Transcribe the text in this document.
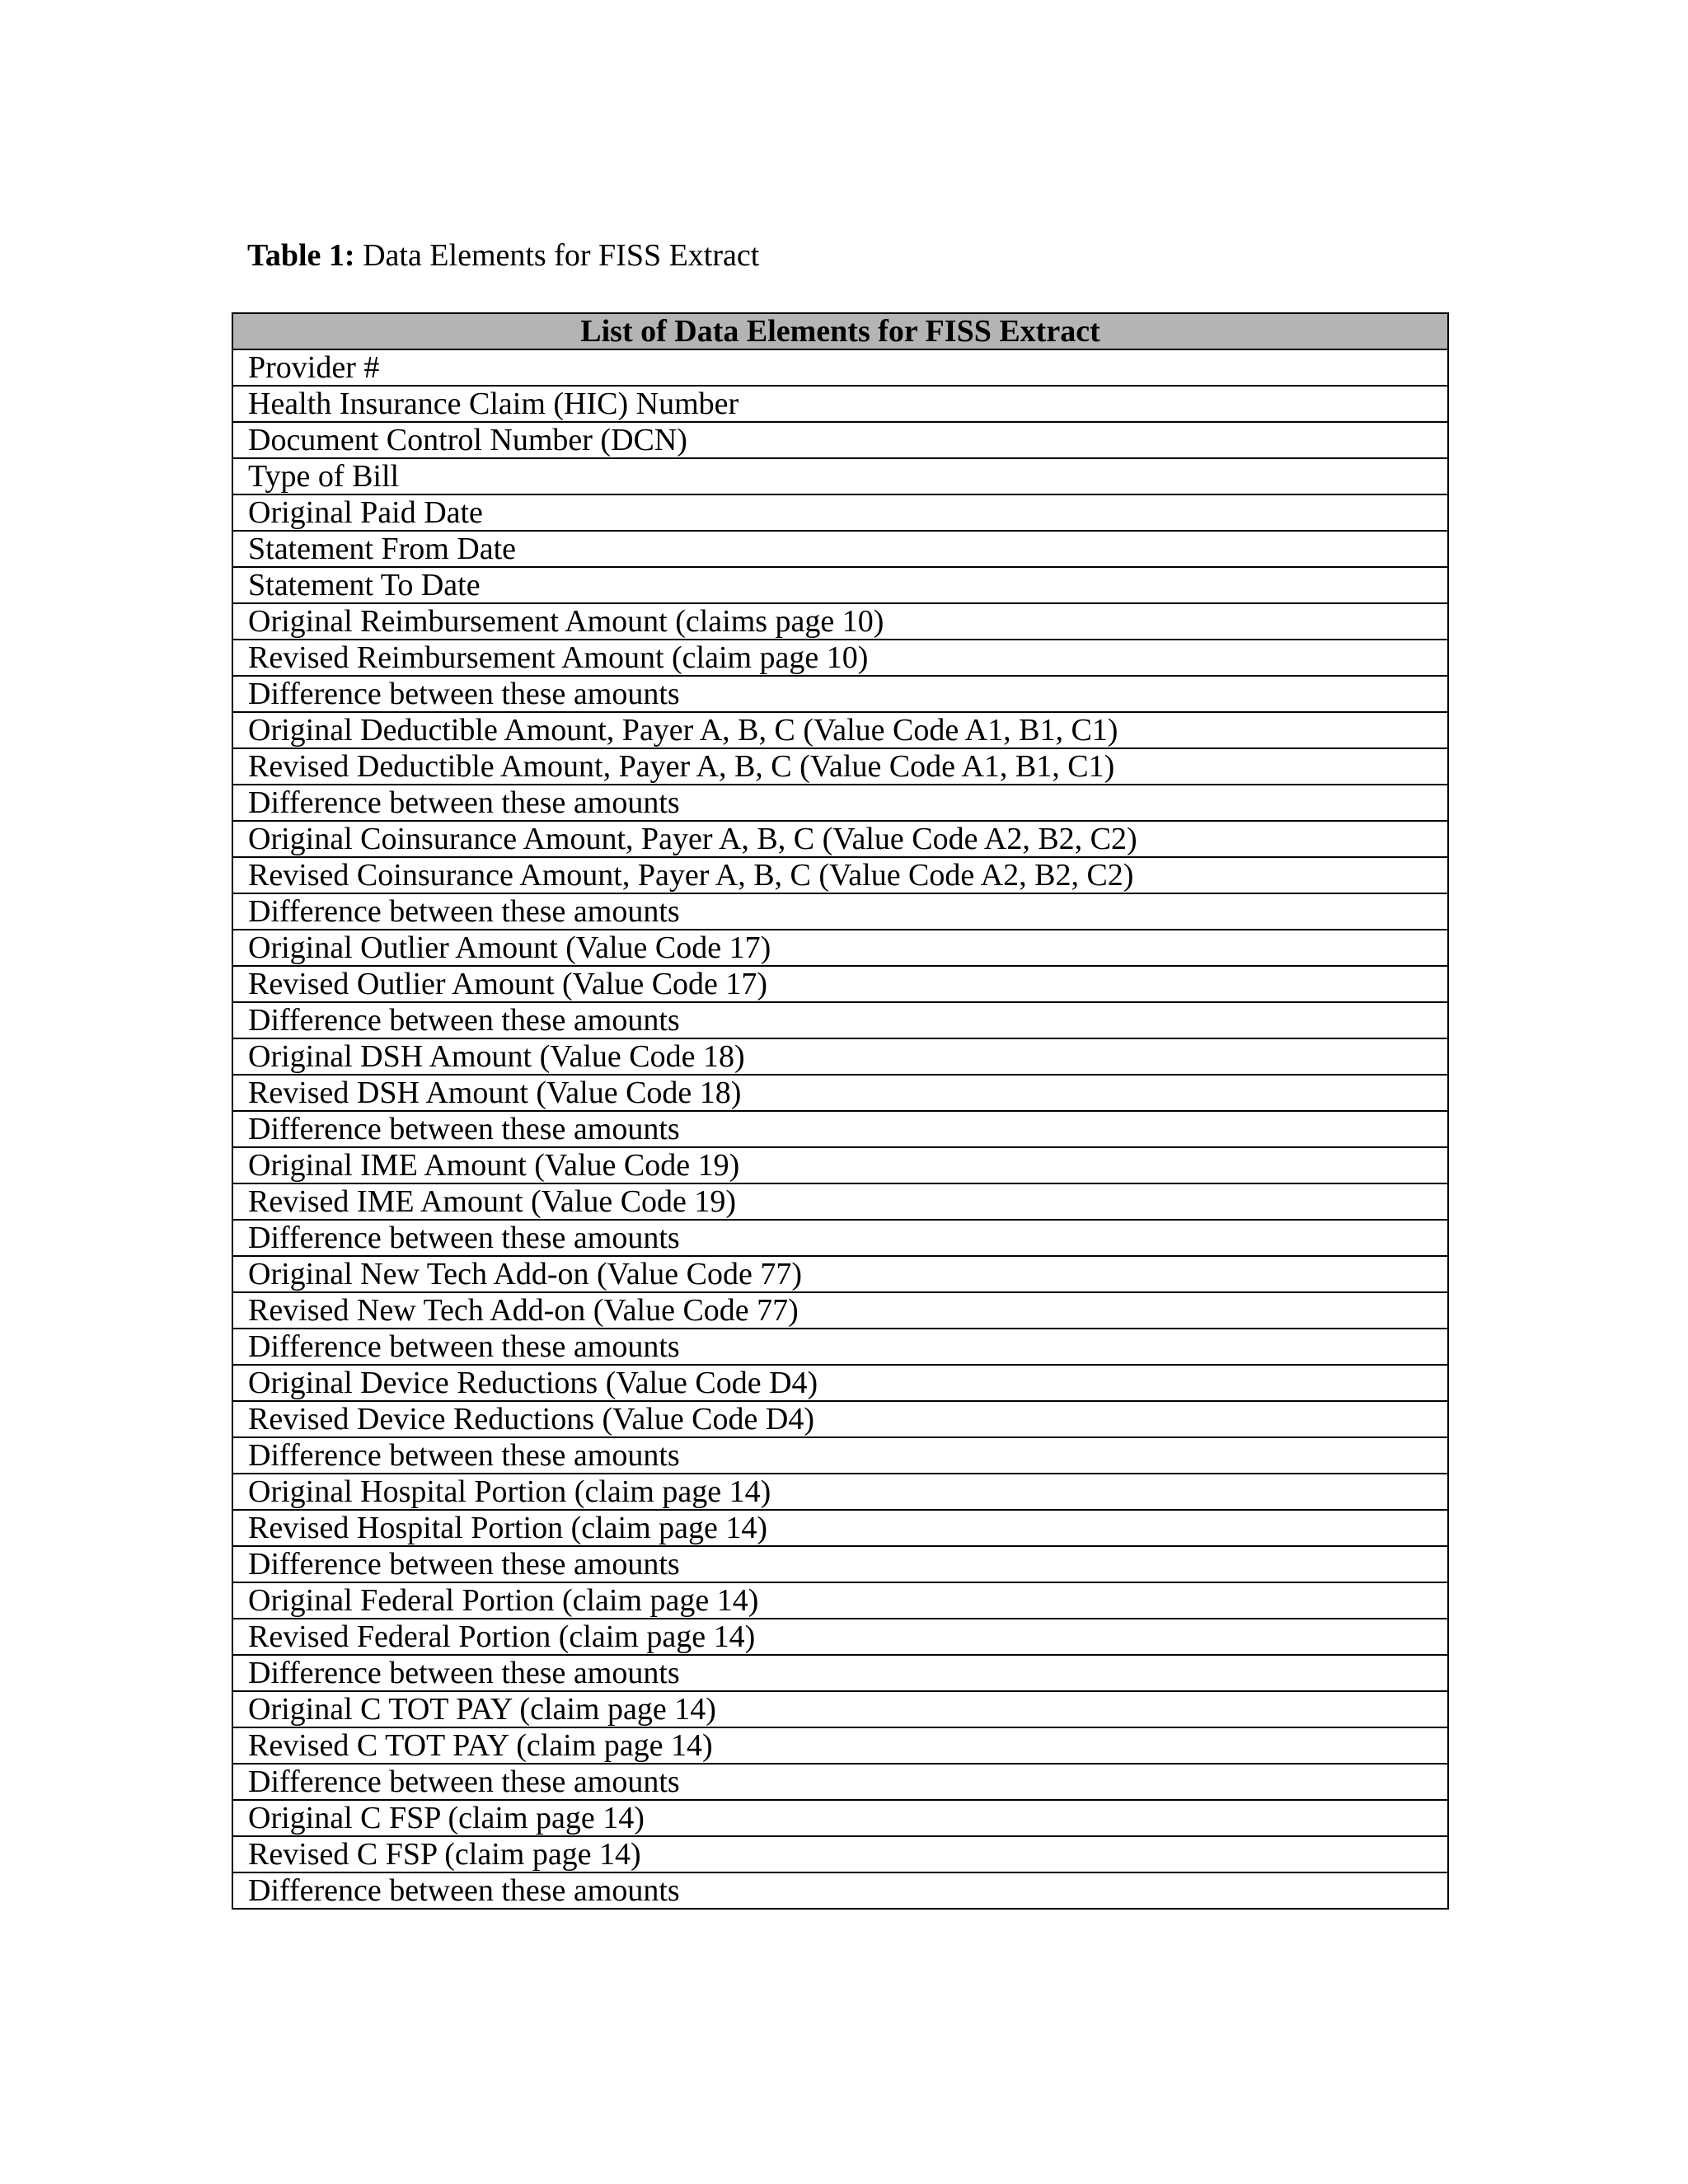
Table 1: Data Elements for FISS Extract
List of Data Elements for FISS Extract
Provider #
Health Insurance Claim (HIC) Number
Document Control Number (DCN)
Type of Bill
Original Paid Date
Statement From Date
Statement To Date
Original Reimbursement Amount (claims page 10)
Revised Reimbursement Amount (claim page 10)
Difference between these amounts
Original Deductible Amount, Payer A, B, C (Value Code A1, B1, C1)
Revised Deductible Amount, Payer A, B, C (Value Code A1, B1, C1)
Difference between these amounts
Original Coinsurance Amount, Payer A, B, C (Value Code A2, B2, C2)
Revised Coinsurance Amount, Payer A, B, C (Value Code A2, B2, C2)
Difference between these amounts
Original Outlier Amount (Value Code 17)
Revised Outlier Amount (Value Code 17)
Difference between these amounts
Original DSH Amount (Value Code 18)
Revised DSH Amount (Value Code 18)
Difference between these amounts
Original IME Amount (Value Code 19)
Revised IME Amount (Value Code 19)
Difference between these amounts
Original New Tech Add-on (Value Code 77)
Revised New Tech Add-on (Value Code 77)
Difference between these amounts
Original Device Reductions (Value Code D4)
Revised Device Reductions (Value Code D4)
Difference between these amounts
Original Hospital Portion (claim page 14)
Revised Hospital Portion (claim page 14)
Difference between these amounts
Original Federal Portion (claim page 14)
Revised Federal Portion (claim page 14)
Difference between these amounts
Original C TOT PAY (claim page 14)
Revised C TOT PAY (claim page 14)
Difference between these amounts
Original C FSP (claim page 14)
Revised C FSP (claim page 14)
Difference between these amounts
